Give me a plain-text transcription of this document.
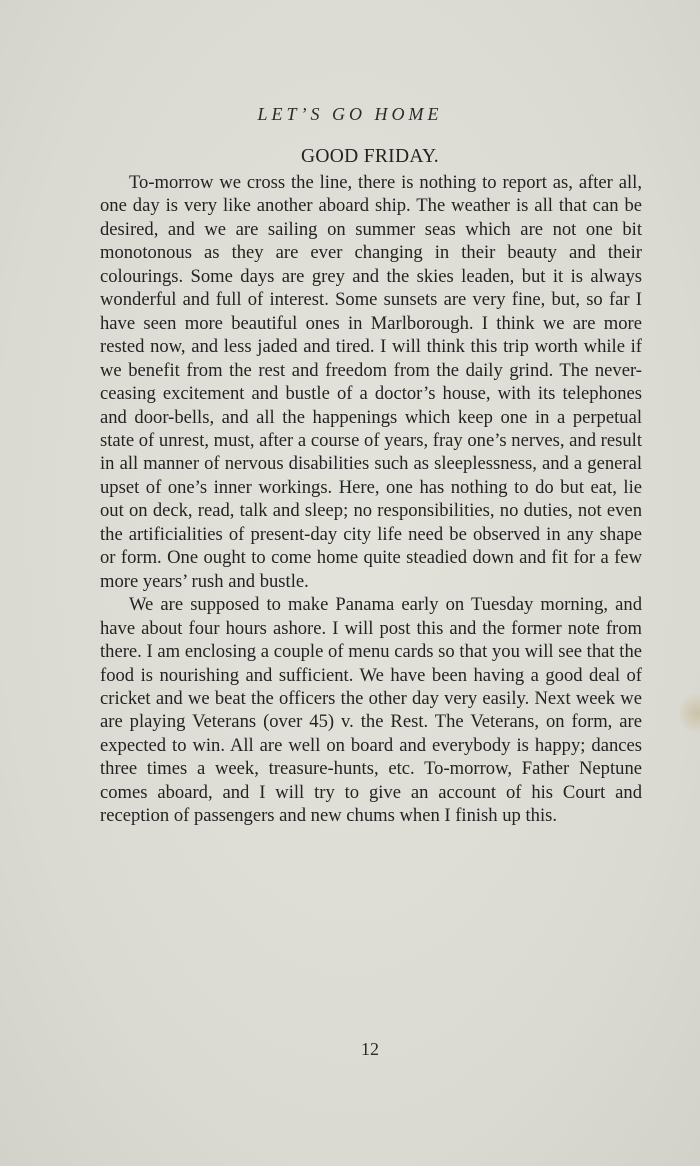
LET’S GO HOME
GOOD FRIDAY.

To-morrow we cross the line, there is nothing to report as, after all, one day is very like another aboard ship. The weather is all that can be desired, and we are sailing on summer seas which are not one bit monotonous as they are ever changing in their beauty and their colourings. Some days are grey and the skies leaden, but it is always wonderful and full of interest. Some sunsets are very fine, but, so far I have seen more beautiful ones in Marlborough. I think we are more rested now, and less jaded and tired. I will think this trip worth while if we benefit from the rest and freedom from the daily grind. The never-ceasing excitement and bustle of a doctor’s house, with its telephones and door-bells, and all the happenings which keep one in a perpetual state of unrest, must, after a course of years, fray one’s nerves, and result in all manner of nervous disabilities such as sleeplessness, and a general upset of one’s inner workings. Here, one has nothing to do but eat, lie out on deck, read, talk and sleep; no responsibilities, no duties, not even the artificialities of present-day city life need be observed in any shape or form. One ought to come home quite steadied down and fit for a few more years’ rush and bustle.

We are supposed to make Panama early on Tuesday morning, and have about four hours ashore. I will post this and the former note from there. I am enclosing a couple of menu cards so that you will see that the food is nourishing and sufficient. We have been having a good deal of cricket and we beat the officers the other day very easily. Next week we are playing Veterans (over 45) v. the Rest. The Veterans, on form, are expected to win. All are well on board and everybody is happy; dances three times a week, treasure-hunts, etc. To-morrow, Father Neptune comes aboard, and I will try to give an account of his Court and reception of passengers and new chums when I finish up this.

12
